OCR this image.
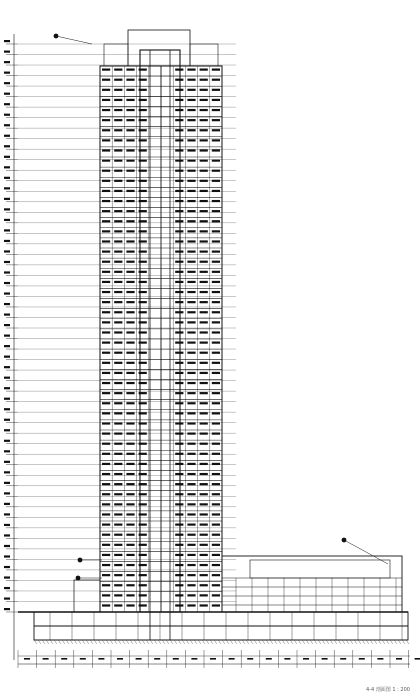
4-4 剖面图 1 : 200
